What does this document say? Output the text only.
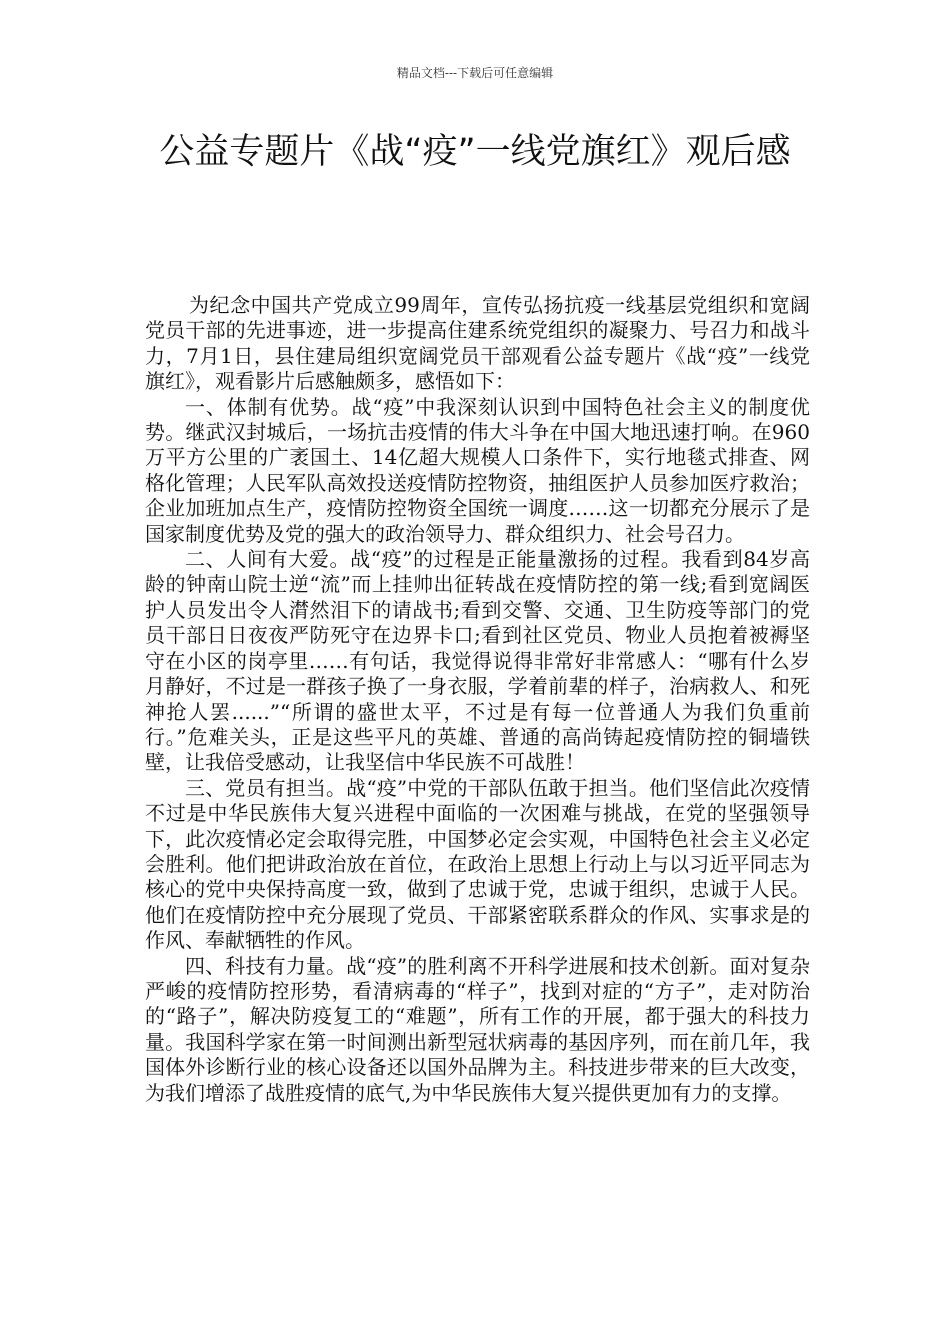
精品文档---下载后可任意编辑
公益专题片《战“疫”一线党旗红》观后感

为纪念中国共产党成立99周年，宣传弘扬抗疫一线基层党组织和宽阔党员干部的先进事迹，进一步提高住建系统党组织的凝聚力、号召力和战斗力，7月1日，县住建局组织宽阔党员干部观看公益专题片《战“疫”一线党旗红》，观看影片后感触颇多，感悟如下：

一、体制有优势。战“疫”中我深刻认识到中国特色社会主义的制度优势。继武汉封城后，一场抗击疫情的伟大斗争在中国大地迅速打响。在960万平方公里的广袤国土、14亿超大规模人口条件下，实行地毯式排查、网格化管理；人民军队高效投送疫情防控物资，抽组医护人员参加医疗救治；企业加班加点生产，疫情防控物资全国统一调度……这一切都充分展示了是国家制度优势及党的强大的政治领导力、群众组织力、社会号召力。

二、人间有大爱。战“疫”的过程是正能量激扬的过程。我看到84岁高龄的钟南山院士逆“流”而上挂帅出征转战在疫情防控的第一线;看到宽阔医护人员发出令人潸然泪下的请战书;看到交警、交通、卫生防疫等部门的党员干部日日夜夜严防死守在边界卡口;看到社区党员、物业人员抱着被褥坚守在小区的岗亭里……有句话，我觉得说得非常好非常感人：“哪有什么岁月静好，不过是一群孩子换了一身衣服，学着前辈的样子，治病救人、和死神抢人罢......”“所谓的盛世太平，不过是有每一位普通人为我们负重前行。”危难关头，正是这些平凡的英雄、普通的高尚铸起疫情防控的铜墙铁壁，让我倍受感动，让我坚信中华民族不可战胜！

三、党员有担当。战“疫”中党的干部队伍敢于担当。他们坚信此次疫情不过是中华民族伟大复兴进程中面临的一次困难与挑战，在党的坚强领导下，此次疫情必定会取得完胜，中国梦必定会实观，中国特色社会主义必定会胜利。他们把讲政治放在首位，在政治上思想上行动上与以习近平同志为核心的党中央保持高度一致，做到了忠诚于党，忠诚于组织，忠诚于人民。他们在疫情防控中充分展现了党员、干部紧密联系群众的作风、实事求是的作风、奉献牺牲的作风。

四、科技有力量。战“疫”的胜利离不开科学进展和技术创新。面对复杂严峻的疫情防控形势，看清病毒的“样子”，找到对症的“方子”，走对防治的“路子”，解决防疫复工的“难题”，所有工作的开展，都于强大的科技力量。我国科学家在第一时间测出新型冠状病毒的基因序列，而在前几年，我国体外诊断行业的核心设备还以国外品牌为主。科技进步带来的巨大改变，为我们增添了战胜疫情的底气,为中华民族伟大复兴提供更加有力的支撑。
